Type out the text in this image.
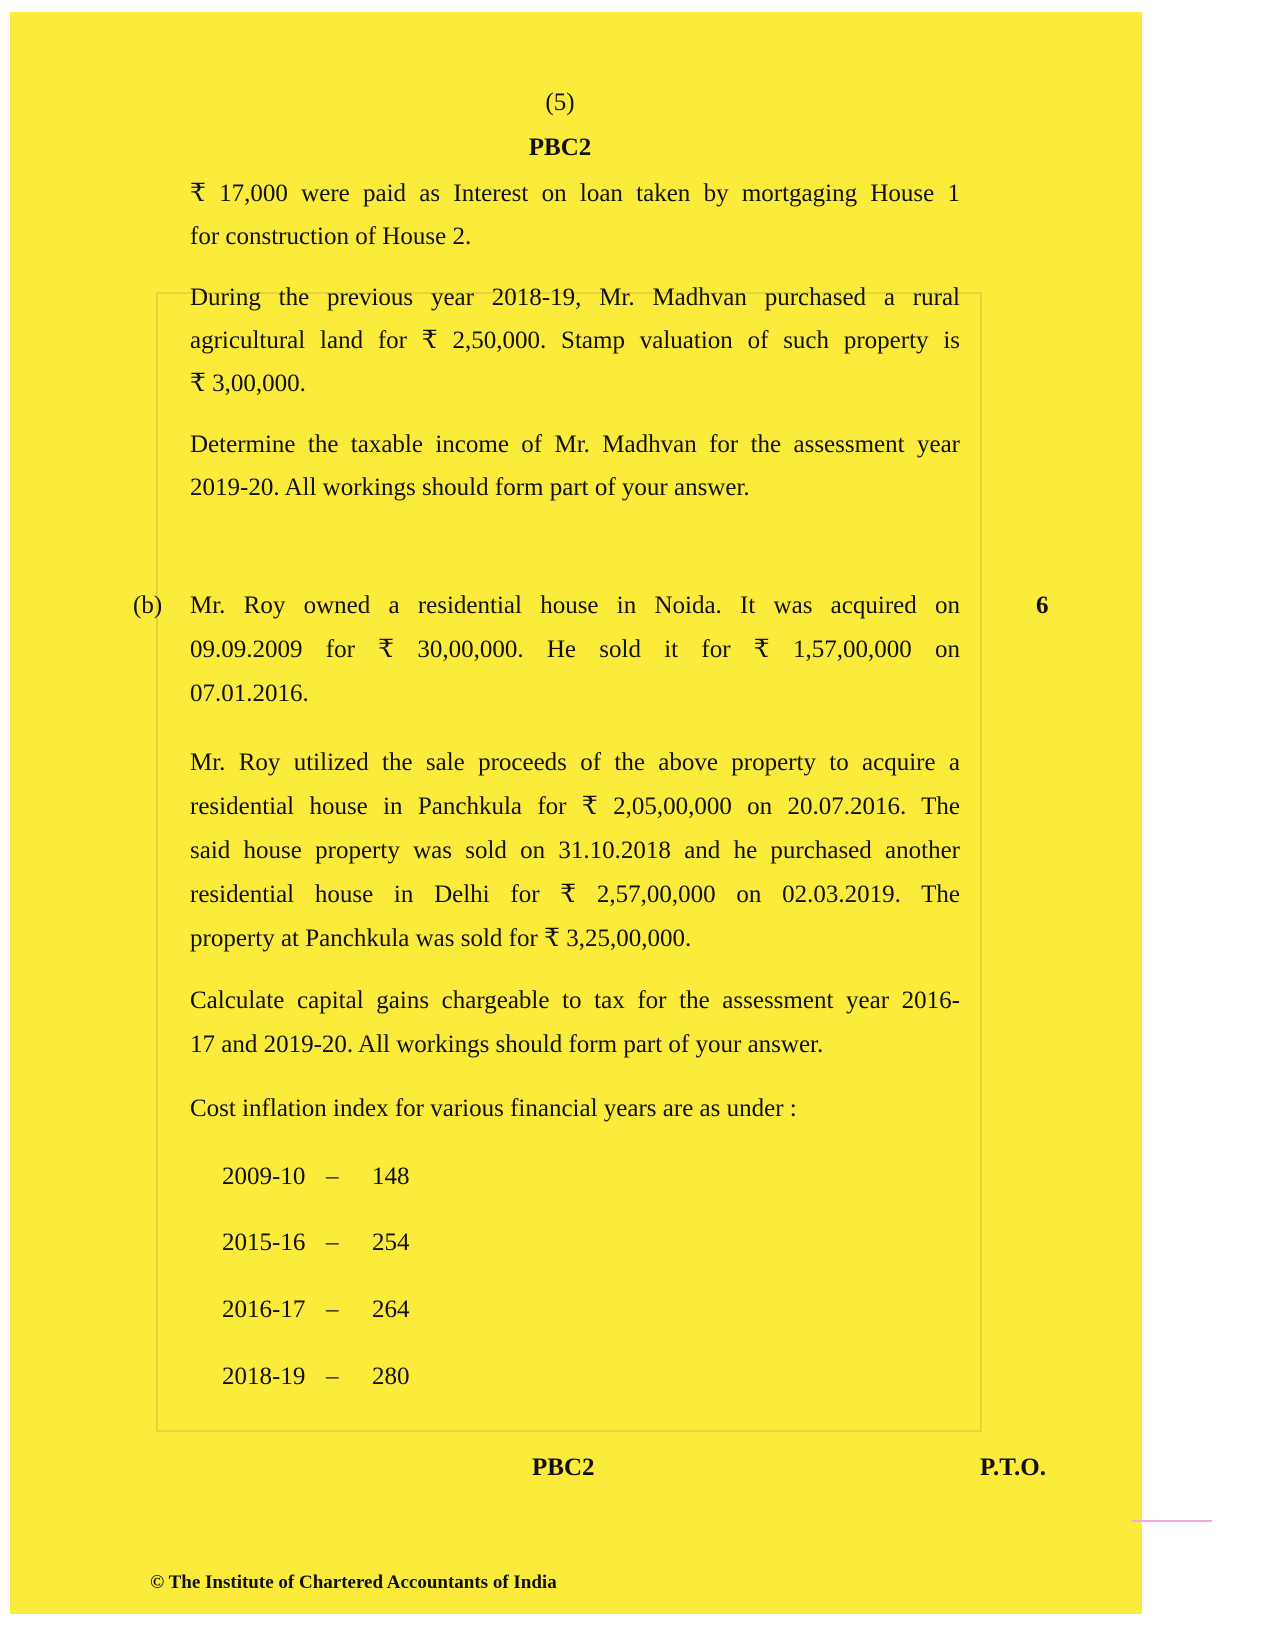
(5)
PBC2
₹ 17,000 were paid as Interest on loan taken by mortgaging House 1
for construction of House 2.
During the previous year 2018-19, Mr. Madhvan purchased a rural
agricultural land for ₹ 2,50,000. Stamp valuation of such property is
₹ 3,00,000.
Determine the taxable income of Mr. Madhvan for the assessment year
2019-20. All workings should form part of your answer.
(b)	6
Mr. Roy owned a residential house in Noida. It was acquired on
09.09.2009 for ₹ 30,00,000. He sold it for ₹ 1,57,00,000 on
07.01.2016.
Mr. Roy utilized the sale proceeds of the above property to acquire a
residential house in Panchkula for ₹ 2,05,00,000 on 20.07.2016. The
said house property was sold on 31.10.2018 and he purchased another
residential house in Delhi for ₹ 2,57,00,000 on 02.03.2019. The
property at Panchkula was sold for ₹ 3,25,00,000.
Calculate capital gains chargeable to tax for the assessment year 2016-
17 and 2019-20. All workings should form part of your answer.
Cost inflation index for various financial years are as under :
2009-10 – 148
2015-16 – 254
2016-17 – 264
2018-19 – 280
PBC2	P.T.O.
© The Institute of Chartered Accountants of India
